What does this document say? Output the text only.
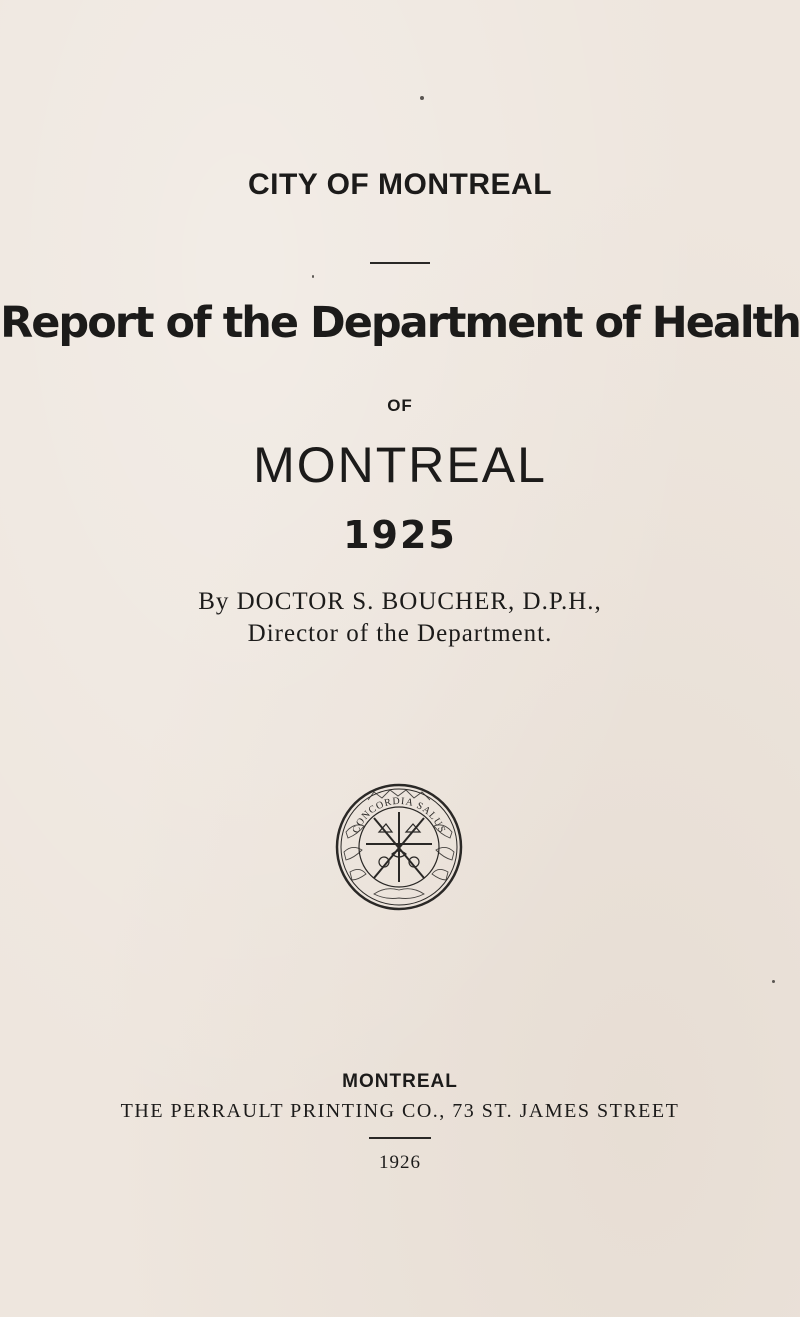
CITY OF MONTREAL
Report of the Department of Health
OF
MONTREAL
1925
By DOCTOR S. BOUCHER, D.P.H.,
Director of the Department.
CONCORDIA SALUS
MONTREAL
THE PERRAULT PRINTING CO., 73 ST. JAMES STREET
1926
